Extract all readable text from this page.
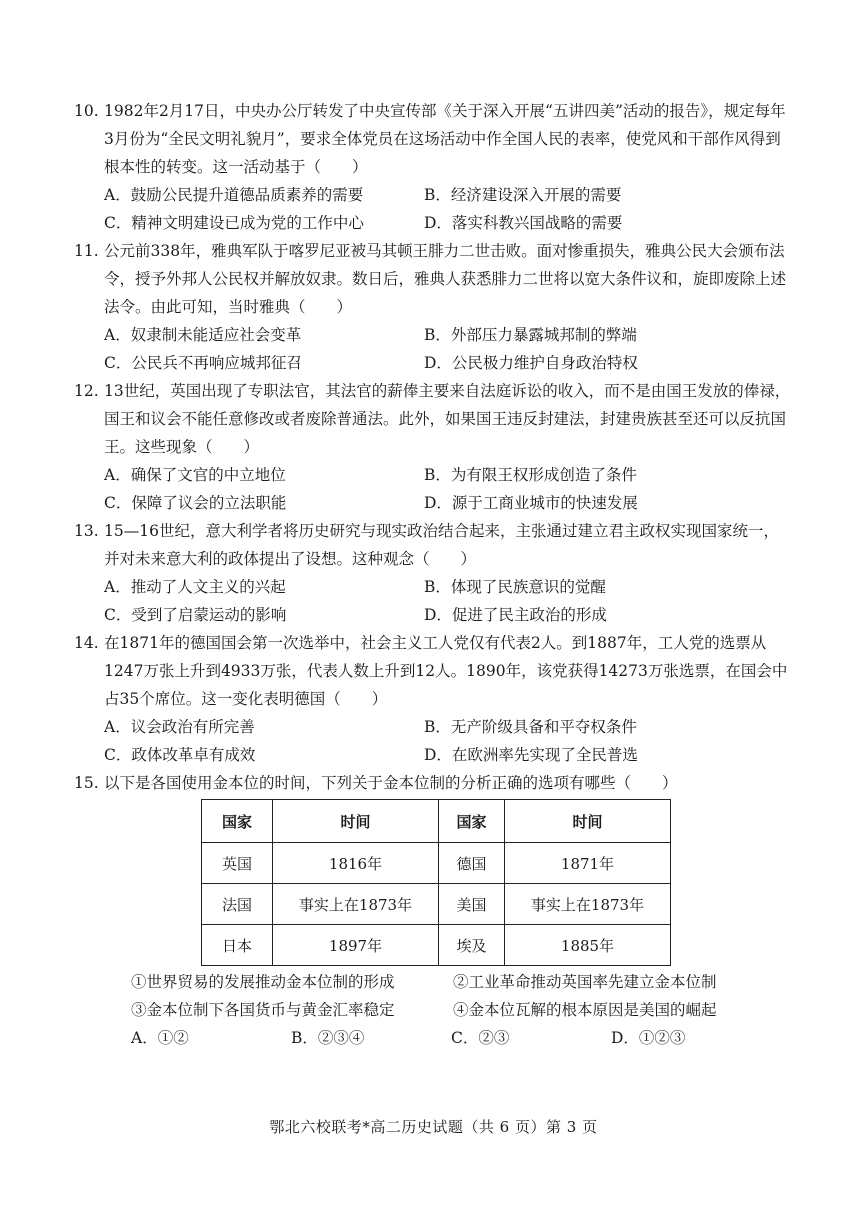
10. 1982年2月17日，中央办公厅转发了中央宣传部《关于深入开展“五讲四美”活动的报告》，规定每年3月份为“全民文明礼貌月”，要求全体党员在这场活动中作全国人民的表率，使党风和干部作风得到根本性的转变。这一活动基于（　　）
A．鼓励公民提升道德品质素养的需要	B．经济建设深入开展的需要
C．精神文明建设已成为党的工作中心	D．落实科教兴国战略的需要
11. 公元前338年，雅典军队于喀罗尼亚被马其顿王腓力二世击败。面对惨重损失，雅典公民大会颁布法令，授予外邦人公民权并解放奴隶。数日后，雅典人获悉腓力二世将以宽大条件议和，旋即废除上述法令。由此可知，当时雅典（　　）
A．奴隶制未能适应社会变革	B．外部压力暴露城邦制的弊端
C．公民兵不再响应城邦征召	D．公民极力维护自身政治特权
12. 13世纪，英国出现了专职法官，其法官的薪俸主要来自法庭诉讼的收入，而不是由国王发放的俸禄，国王和议会不能任意修改或者废除普通法。此外，如果国王违反封建法，封建贵族甚至还可以反抗国王。这些现象（　　）
A．确保了文官的中立地位	B．为有限王权形成创造了条件
C．保障了议会的立法职能	D．源于工商业城市的快速发展
13. 15—16世纪，意大利学者将历史研究与现实政治结合起来，主张通过建立君主政权实现国家统一，并对未来意大利的政体提出了设想。这种观念（　　）
A．推动了人文主义的兴起	B．体现了民族意识的觉醒
C．受到了启蒙运动的影响	D．促进了民主政治的形成
14. 在1871年的德国国会第一次选举中，社会主义工人党仅有代表2人。到1887年，工人党的选票从1247万张上升到4933万张，代表人数上升到12人。1890年，该党获得14273万张选票，在国会中占35个席位。这一变化表明德国（　　）
A．议会政治有所完善	B．无产阶级具备和平夺权条件
C．政体改革卓有成效	D．在欧洲率先实现了全民普选
15. 以下是各国使用金本位的时间，下列关于金本位制的分析正确的选项有哪些（　　）
国家	时间	国家	时间
英国	1816年	德国	1871年
法国	事实上在1873年	美国	事实上在1873年
日本	1897年	埃及	1885年
①世界贸易的发展推动金本位制的形成	②工业革命推动英国率先建立金本位制
③金本位制下各国货币与黄金汇率稳定	④金本位瓦解的根本原因是美国的崛起
A．①②	B．②③④	C．②③	D．①②③
鄂北六校联考*高二历史试题（共 6 页）第 3 页
